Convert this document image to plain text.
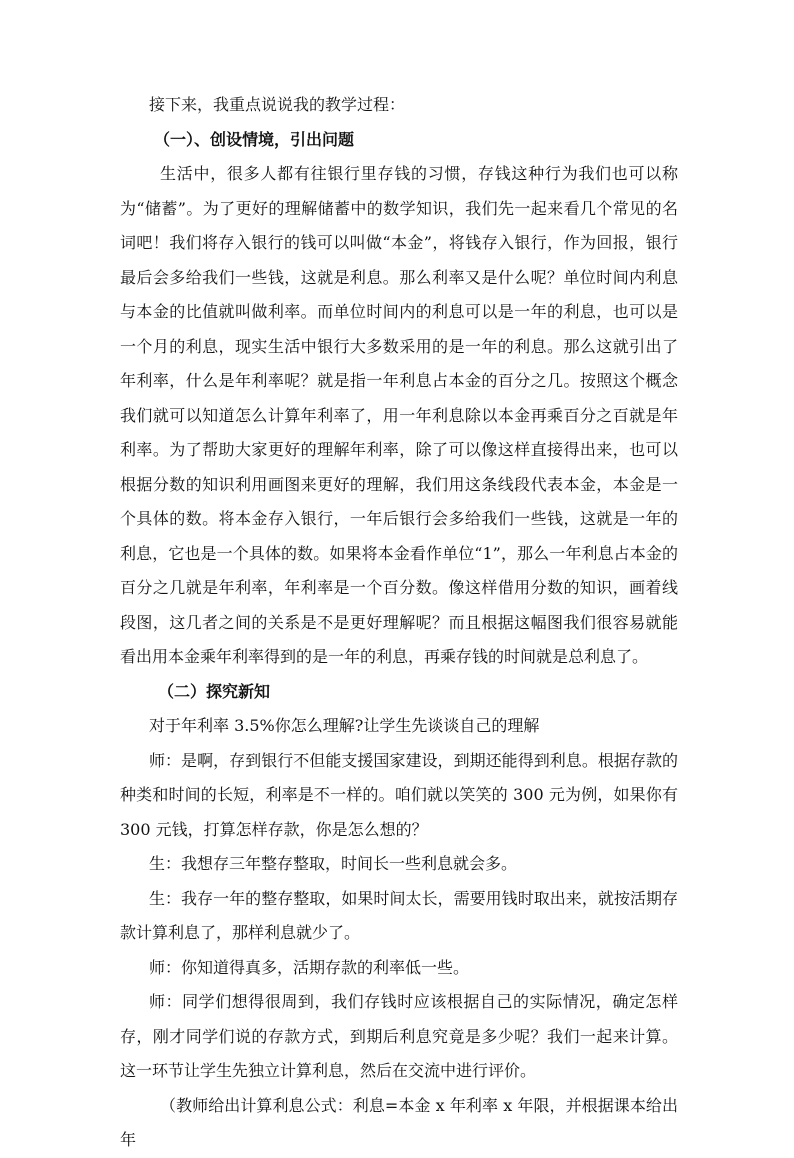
接下来，我重点说说我的教学过程：

（一）、创设情境，引出问题

生活中，很多人都有往银行里存钱的习惯，存钱这种行为我们也可以称为“储蓄”。为了更好的理解储蓄中的数学知识，我们先一起来看几个常见的名词吧！我们将存入银行的钱可以叫做“本金”，将钱存入银行，作为回报，银行最后会多给我们一些钱，这就是利息。那么利率又是什么呢？单位时间内利息与本金的比值就叫做利率。而单位时间内的利息可以是一年的利息，也可以是一个月的利息，现实生活中银行大多数采用的是一年的利息。那么这就引出了年利率，什么是年利率呢？就是指一年利息占本金的百分之几。按照这个概念我们就可以知道怎么计算年利率了，用一年利息除以本金再乘百分之百就是年利率。为了帮助大家更好的理解年利率，除了可以像这样直接得出来，也可以根据分数的知识利用画图来更好的理解，我们用这条线段代表本金，本金是一个具体的数。将本金存入银行，一年后银行会多给我们一些钱，这就是一年的利息，它也是一个具体的数。如果将本金看作单位“1”，那么一年利息占本金的百分之几就是年利率，年利率是一个百分数。像这样借用分数的知识，画着线段图，这几者之间的关系是不是更好理解呢？而且根据这幅图我们很容易就能看出用本金乘年利率得到的是一年的利息，再乘存钱的时间就是总利息了。

（二）探究新知

对于年利率 3.5%你怎么理解?让学生先谈谈自己的理解

师：是啊，存到银行不但能支援国家建设，到期还能得到利息。根据存款的种类和时间的长短，利率是不一样的。咱们就以笑笑的 300 元为例，如果你有 300 元钱，打算怎样存款，你是怎么想的？

生：我想存三年整存整取，时间长一些利息就会多。

生：我存一年的整存整取，如果时间太长，需要用钱时取出来，就按活期存款计算利息了，那样利息就少了。

师：你知道得真多，活期存款的利率低一些。

师：同学们想得很周到，我们存钱时应该根据自己的实际情况，确定怎样存，刚才同学们说的存款方式，到期后利息究竟是多少呢？我们一起来计算。 这一环节让学生先独立计算利息，然后在交流中进行评价。

（教师给出计算利息公式：利息=本金 x 年利率 x 年限，并根据课本给出年
